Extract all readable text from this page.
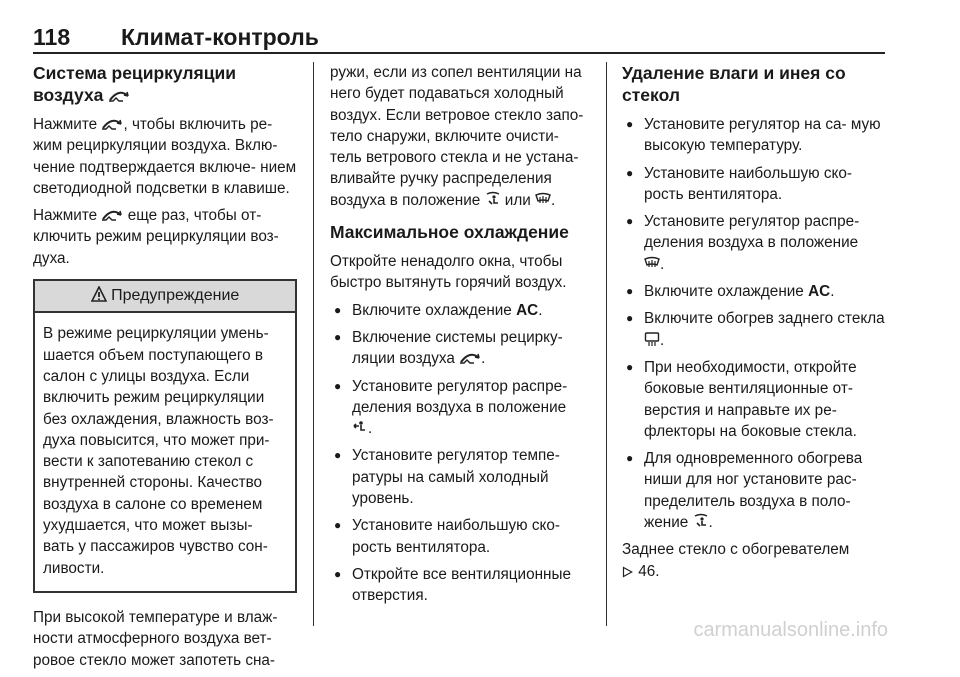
118 Климат-контроль
Система рециркуляции
воздуха

Нажмите , чтобы включить ре- жим рециркуляции воздуха. Вклю- чение подтверждается включе- нием светодиодной подсветки в клавише.

Нажмите  еще раз, чтобы от- ключить режим рециркуляции воз- духа.

Предупреждение
В режиме рециркуляции умень- шается объем поступающего в салон с улицы воздуха. Если включить режим рециркуляции без охлаждения, влажность воз- духа повысится, что может при- вести к запотеванию стекол с внутренней стороны. Качество воздуха в салоне со временем ухудшается, что может вызы- вать у пассажиров чувство сон- ливости.

При высокой температуре и влаж- ности атмосферного воздуха вет- ровое стекло может запотеть сна-

ружи, если из сопел вентиляции на него будет подаваться холодный воздух. Если ветровое стекло запо- тело снаружи, включите очисти- тель ветрового стекла и не устана- вливайте ручку распределения воздуха в положение или .

Максимальное охлаждение

Откройте ненадолго окна, чтобы быстро вытянуть горячий воздух.

● Включите охлаждение AC.
● Включение системы рецирку- ляции воздуха .
● Установите регулятор распре- деления воздуха в положение
.
● Установите регулятор темпе- ратуры на самый холодный уровень.
● Установите наибольшую ско- рость вентилятора.
● Откройте все вентиляционные отверстия.
Удаление влаги и инея со
стекол
● Установите регулятор на са- мую высокую температуру.
● Установите наибольшую ско- рость вентилятора.
● Установите регулятор распре- деления воздуха в положение
.
● Включите охлаждение AC.
● Включите обогрев заднего стекла .
● При необходимости, откройте боковые вентиляционные от- верстия и направьте их ре- флекторы на боковые стекла.
● Для одновременного обогрева ниши для ног установите рас- пределитель воздуха в поло- жение .

Заднее стекло с обогревателем
46.

carmanualsonline.info
